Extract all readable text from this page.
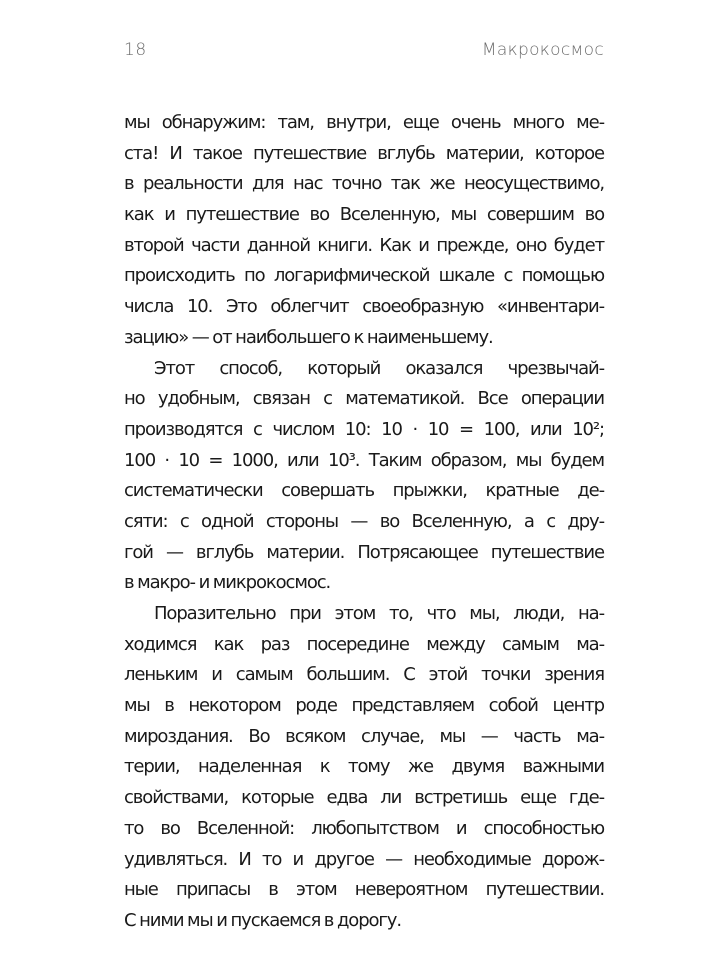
18	Макрокосмос
мы обнаружим: там, внутри, еще очень много ме-
ста! И такое путешествие вглубь материи, которое
в реальности для нас точно так же неосуществимо,
как и путешествие во Вселенную, мы совершим во
второй части данной книги. Как и прежде, оно будет
происходить по логарифмической шкале с помощью
числа 10. Это облегчит своеобразную «инвентари-
зацию» — от наибольшего к наименьшему.
Этот способ, который оказался чрезвычай-
но удобным, связан с математикой. Все операции
производятся с числом 10: 10 · 10 = 100, или 10²;
100 · 10 = 1000, или 10³. Таким образом, мы будем
систематически совершать прыжки, кратные де-
сяти: с одной стороны — во Вселенную, а с дру-
гой — вглубь материи. Потрясающее путешествие
в макро- и микрокосмос.
Поразительно при этом то, что мы, люди, на-
ходимся как раз посередине между самым ма-
леньким и самым большим. С этой точки зрения
мы в некотором роде представляем собой центр
мироздания. Во всяком случае, мы — часть ма-
терии, наделенная к тому же двумя важными
свойствами, которые едва ли встретишь еще где-
то во Вселенной: любопытством и способностью
удивляться. И то и другое — необходимые дорож-
ные припасы в этом невероятном путешествии.
С ними мы и пускаемся в дорогу.
